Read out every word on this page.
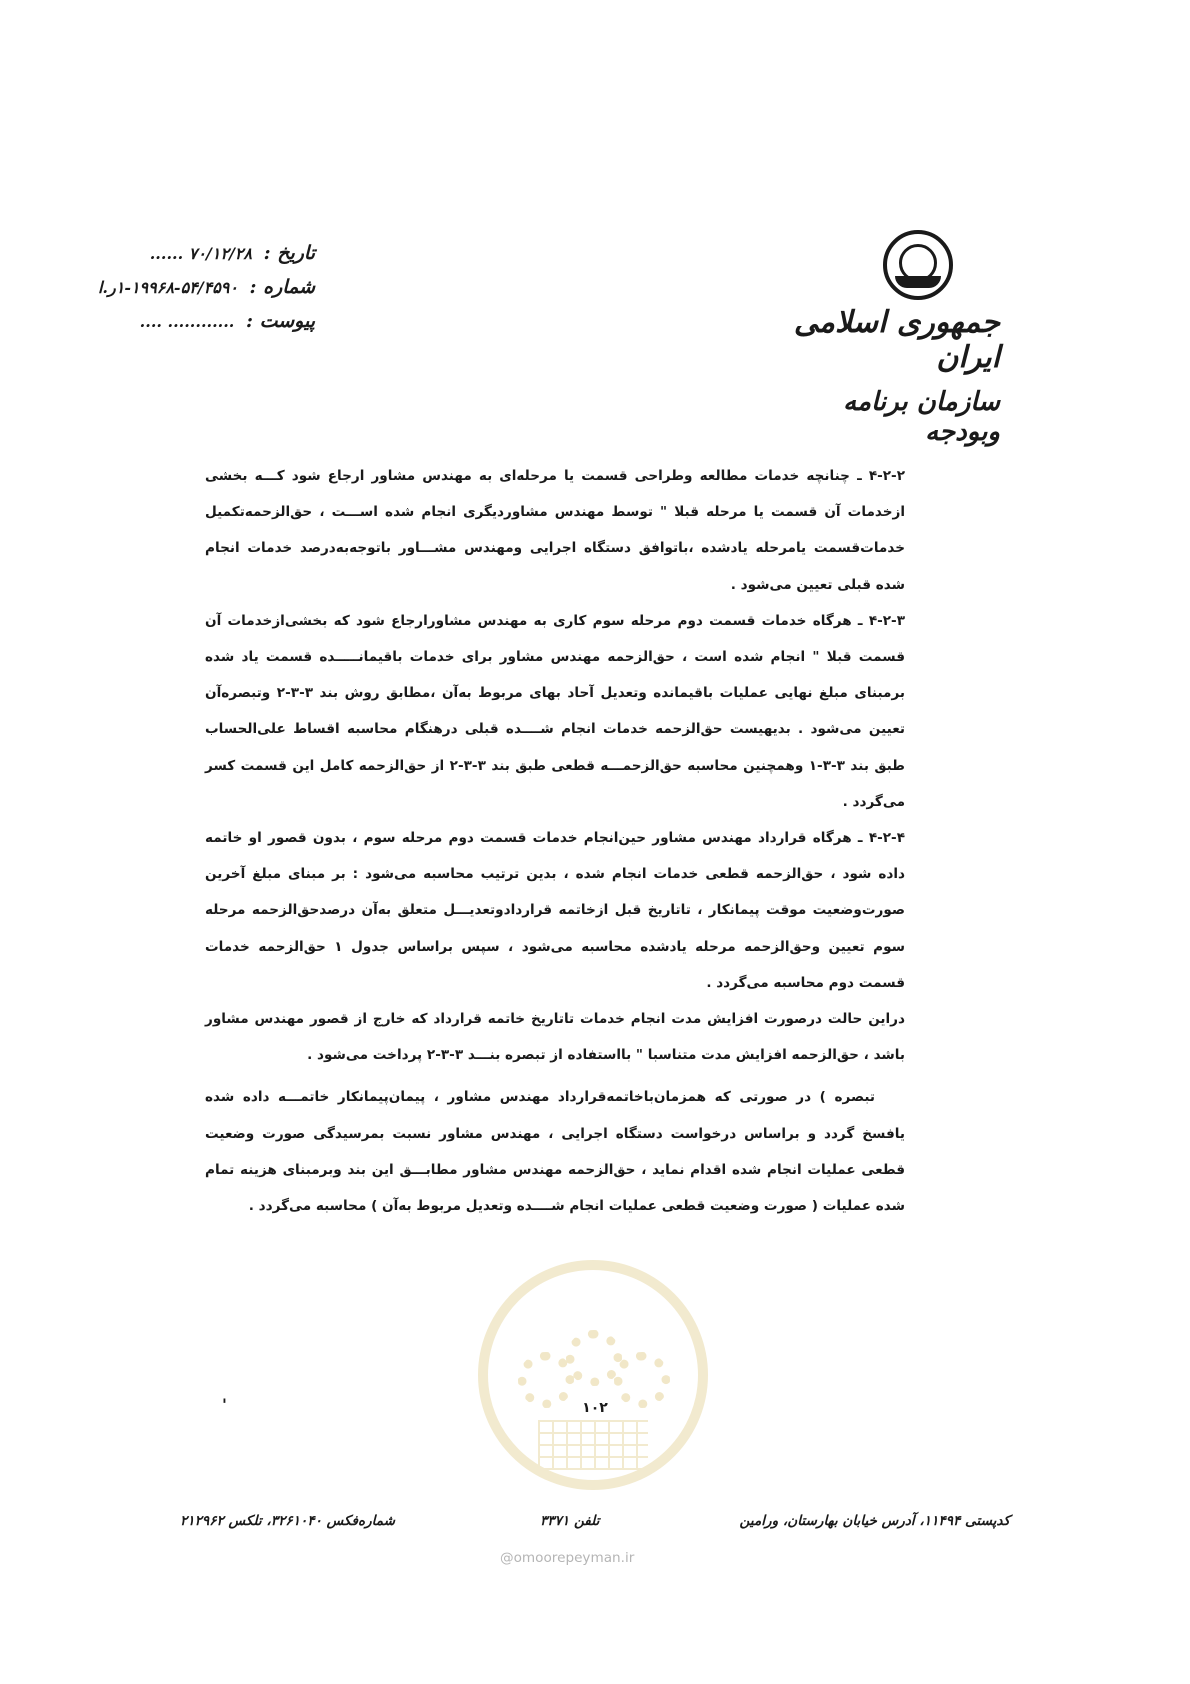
جمهوری اسلامی ایران
سازمان برنامه وبودجه
تاریخ : ۷۰/۱۲/۲۸ ......
شماره : ۵۴/۴۵۹۰-۱۹۹۶۸-۱ر.ا
پیوست : ............ ....

۴-۲-۲ ـ چنانچه خدمات مطالعه وطراحی قسمت یا مرحله‌ای به مهندس مشاور ارجاع شود کـــه بخشی ازخدمات آن قسمت یا مرحله قبلا " توسط مهندس مشاوردیگری انجام شده اســـت ، حق‌الزحمه‌تکمیل خدمات‌قسمت یامرحله یادشده ،باتوافق دستگاه اجرایی ومهندس مشـــاور باتوجه‌به‌درصد خدمات انجام شده قبلی تعیین می‌شود .

۴-۲-۳ ـ هرگاه خدمات قسمت دوم مرحله سوم کاری به مهندس مشاورارجاع شود که بخشی‌ازخدمات آن قسمت قبلا " انجام شده است ، حق‌الزحمه مهندس مشاور برای خدمات باقیمانـــــده قسمت یاد شده برمبنای مبلغ نهایی عملیات باقیمانده وتعدیل آحاد بهای مربوط به‌آن ،مطابق روش بند ۳-۳-۲ وتبصره‌آن تعیین می‌شود . بدیهیست حق‌الزحمه خدمات انجام شــــده قبلی درهنگام محاسبه اقساط علی‌الحساب طبق بند ۳-۳-۱ وهمچنین محاسبه حق‌الزحمـــه قطعی طبق بند ۳-۳-۲ از حق‌الزحمه کامل این قسمت کسر می‌گردد .

۴-۲-۴ ـ هرگاه قرارداد مهندس مشاور حین‌انجام خدمات قسمت دوم مرحله سوم ، بدون قصور او خاتمه داده شود ، حق‌الزحمه قطعی خدمات انجام شده ، بدین ترتیب محاسبه می‌شود : بر مبنای مبلغ آخرین صورت‌وضعیت موقت پیمانکار ، تاتاریخ قبل ازخاتمه قراردادوتعدیـــل متعلق به‌آن درصدحق‌الزحمه مرحله سوم تعیین وحق‌الزحمه مرحله یادشده محاسبه می‌شود ، سپس براساس جدول ۱ حق‌الزحمه خدمات قسمت دوم محاسبه می‌گردد .

دراین حالت درصورت افزایش مدت انجام خدمات تاتاریخ خاتمه قرارداد که خارج از قصور مهندس مشاور باشد ، حق‌الزحمه افزایش مدت متناسبا " بااستفاده از تبصره بنـــد ۳-۳-۲ پرداخت می‌شود .

تبصره ) در صورتی که همزمان‌باخاتمه‌قرارداد مهندس مشاور ، پیمان‌پیمانکار خاتمـــه داده شده یافسخ گردد و براساس درخواست دستگاه اجرایی ، مهندس مشاور نسبت بمرسیدگی صورت وضعیت قطعی عملیات انجام شده اقدام نماید ، حق‌الزحمه مهندس مشاور مطابـــق این بند وبرمبنای هزینه تمام شده عملیات ( صورت وضعیت قطعی عملیات انجام شــــده وتعدیل مربوط به‌آن ) محاسبه می‌گردد .

'	۱۰۲
کدپستی ۱۱۴۹۴، آدرس خیابان بهارستان، ورامین
تلفن ۳۳۷۱
شماره‌فکس ۳۲۶۱۰۴۰، تلکس ۲۱۲۹۶۲
@omoorepeyman.ir
